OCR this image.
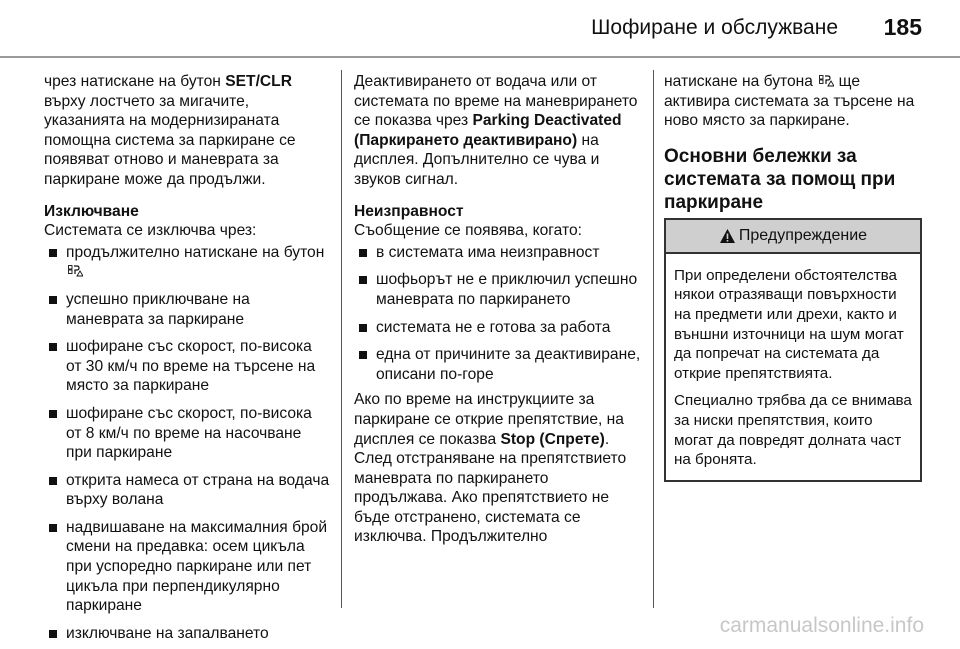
Шофиране и обслужване 185

чрез натискане на бутон SET/CLR върху лостчето за мигачите, указанията на модернизираната помощна система за паркиране се появяват отново и маневрата за паркиране може да продължи.

Изключване

Системата се изключва чрез:

продължително натискане на бутон
успешно приключване на маневрата за паркиране
шофиране със скорост, по-висока от 30 км/ч по време на търсене на място за паркиране
шофиране със скорост, по-висока от 8 км/ч по време на насочване при паркиране
открита намеса от страна на водача върху волана
надвишаване на максималния брой смени на предавка: осем цикъла при успоредно паркиране или пет цикъла при перпендикулярно паркиране
изключване на запалването

Деактивирането от водача или от системата по време на маневрирането се показва чрез Parking Deactivated (Паркирането деактивирано) на дисплея. Допълнително се чува и звуков сигнал.

Неизправност

Съобщение се появява, когато:

в системата има неизправност
шофьорът не е приключил успешно маневрата по паркирането
системата не е готова за работа
една от причините за деактивиране, описани по-горе

Ако по време на инструкциите за паркиране се открие препятствие, на дисплея се показва Stop (Спрете). След отстраняване на препятствието маневрата по паркирането продължава. Ако препятствието не бъде отстранено, системата се изключва. Продължително

натискане на бутона  ще активира системата за търсене на ново място за паркиране.

Основни бележки за системата за помощ при паркиране

Предупреждение

При определени обстоятелства някои отразяващи повърхности на предмети или дрехи, както и външни източници на шум могат да попречат на системата да открие препятствията.

Специално трябва да се внимава за ниски препятствия, които могат да повредят долната част на бронята.

carmanualsonline.info
